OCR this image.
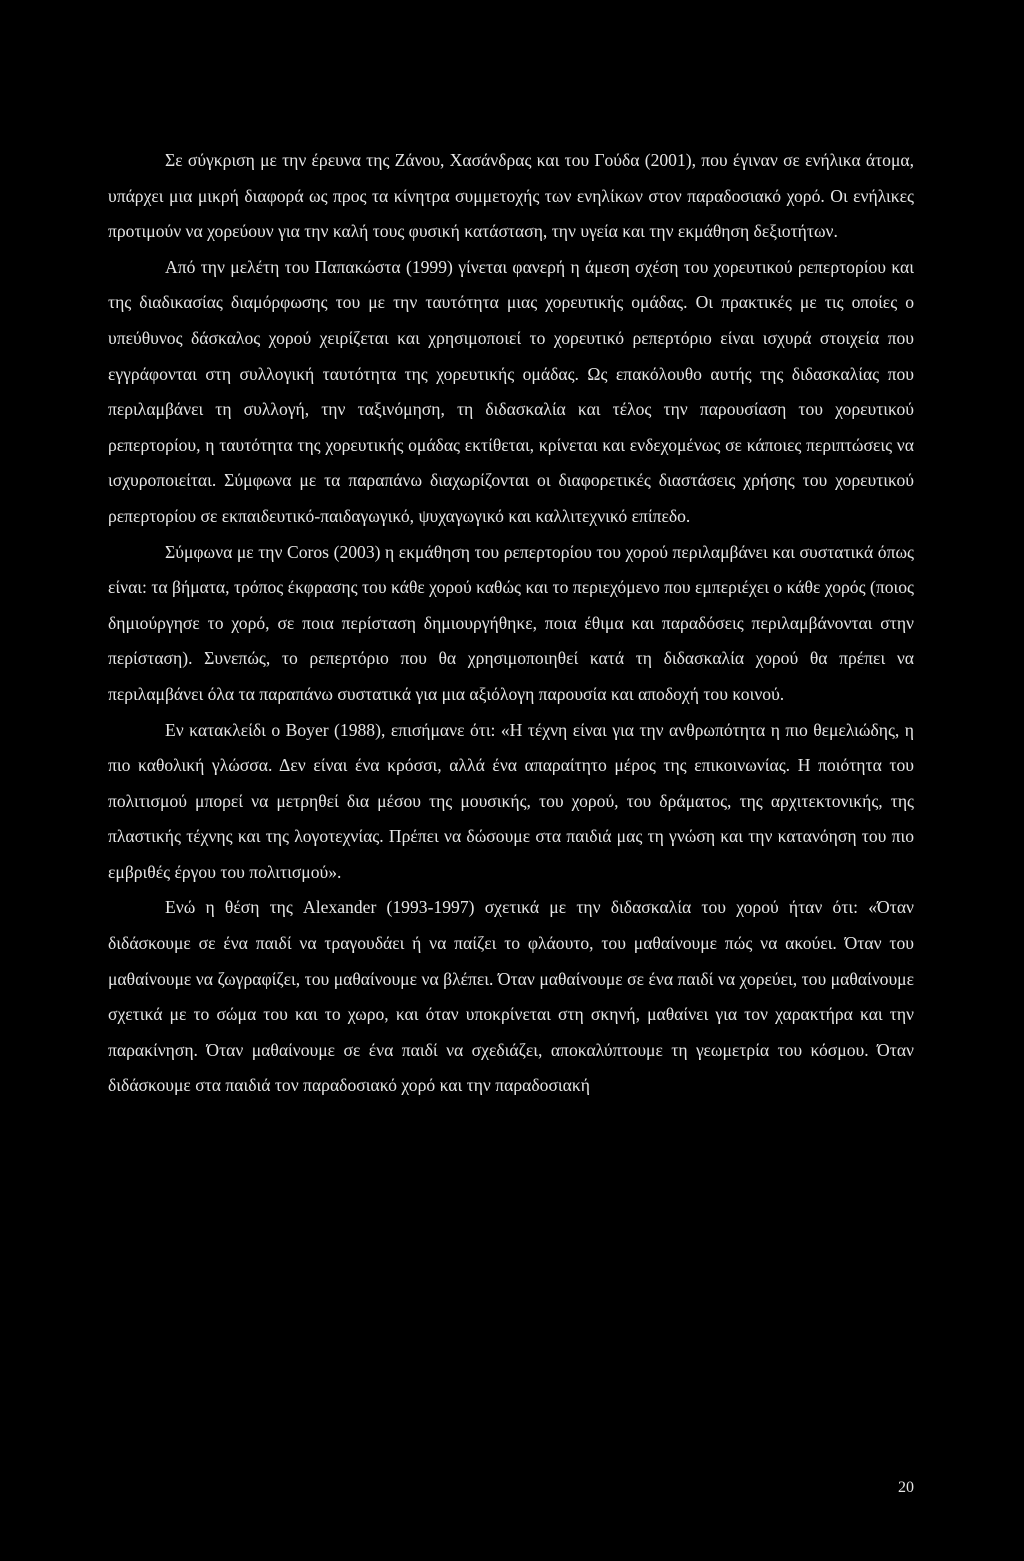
Σε σύγκριση με την έρευνα της Ζάνου, Χασάνδρας και του Γούδα (2001), που έγιναν σε ενήλικα άτομα, υπάρχει μια μικρή διαφορά ως προς τα κίνητρα συμμετοχής των ενηλίκων στον παραδοσιακό χορό. Οι ενήλικες προτιμούν να χορεύουν για την καλή τους φυσική κατάσταση, την υγεία και την εκμάθηση δεξιοτήτων.

Από την μελέτη του Παπακώστα (1999) γίνεται φανερή η άμεση σχέση του χορευτικού ρεπερτορίου και της διαδικασίας διαμόρφωσης του με την ταυτότητα μιας χορευτικής ομάδας. Οι πρακτικές με τις οποίες ο υπεύθυνος δάσκαλος χορού χειρίζεται και χρησιμοποιεί το χορευτικό ρεπερτόριο είναι ισχυρά στοιχεία που εγγράφονται στη συλλογική ταυτότητα της χορευτικής ομάδας. Ως επακόλουθο αυτής της διδασκαλίας που περιλαμβάνει τη συλλογή, την ταξινόμηση, τη διδασκαλία και τέλος την παρουσίαση του χορευτικού ρεπερτορίου, η ταυτότητα της χορευτικής ομάδας εκτίθεται, κρίνεται και ενδεχομένως σε κάποιες περιπτώσεις να ισχυροποιείται. Σύμφωνα με τα παραπάνω διαχωρίζονται οι διαφορετικές διαστάσεις χρήσης του χορευτικού ρεπερτορίου σε εκπαιδευτικό-παιδαγωγικό, ψυχαγωγικό και καλλιτεχνικό επίπεδο.

Σύμφωνα με την Coros (2003) η εκμάθηση του ρεπερτορίου του χορού περιλαμβάνει και συστατικά όπως είναι: τα βήματα, τρόπος έκφρασης του κάθε χορού καθώς και το περιεχόμενο που εμπεριέχει ο κάθε χορός (ποιος δημιούργησε το χορό, σε ποια περίσταση δημιουργήθηκε, ποια έθιμα και παραδόσεις περιλαμβάνονται στην περίσταση). Συνεπώς, το ρεπερτόριο που θα χρησιμοποιηθεί κατά τη διδασκαλία χορού θα πρέπει να περιλαμβάνει όλα τα παραπάνω συστατικά για μια αξιόλογη παρουσία και αποδοχή του κοινού.

Εν κατακλείδι ο Boyer (1988), επισήμανε ότι: «Η τέχνη είναι για την ανθρωπότητα η πιο θεμελιώδης, η πιο καθολική γλώσσα. Δεν είναι ένα κρόσσι, αλλά ένα απαραίτητο μέρος της επικοινωνίας. Η ποιότητα του πολιτισμού μπορεί να μετρηθεί δια μέσου της μουσικής, του χορού, του δράματος, της αρχιτεκτονικής, της πλαστικής τέχνης και της λογοτεχνίας. Πρέπει να δώσουμε στα παιδιά μας τη γνώση και την κατανόηση του πιο εμβριθές έργου του πολιτισμού».

Ενώ η θέση της Alexander (1993-1997) σχετικά με την διδασκαλία του χορού ήταν ότι: «Όταν διδάσκουμε σε ένα παιδί να τραγουδάει ή να παίζει το φλάουτο, του μαθαίνουμε πώς να ακούει. Όταν του μαθαίνουμε να ζωγραφίζει, του μαθαίνουμε να βλέπει. Όταν μαθαίνουμε σε ένα παιδί να χορεύει, του μαθαίνουμε σχετικά με το σώμα του και το χωρο, και όταν υποκρίνεται στη σκηνή, μαθαίνει για τον χαρακτήρα και την παρακίνηση. Όταν μαθαίνουμε σε ένα παιδί να σχεδιάζει, αποκαλύπτουμε τη γεωμετρία του κόσμου. Όταν διδάσκουμε στα παιδιά τον παραδοσιακό χορό και την παραδοσιακή

20
